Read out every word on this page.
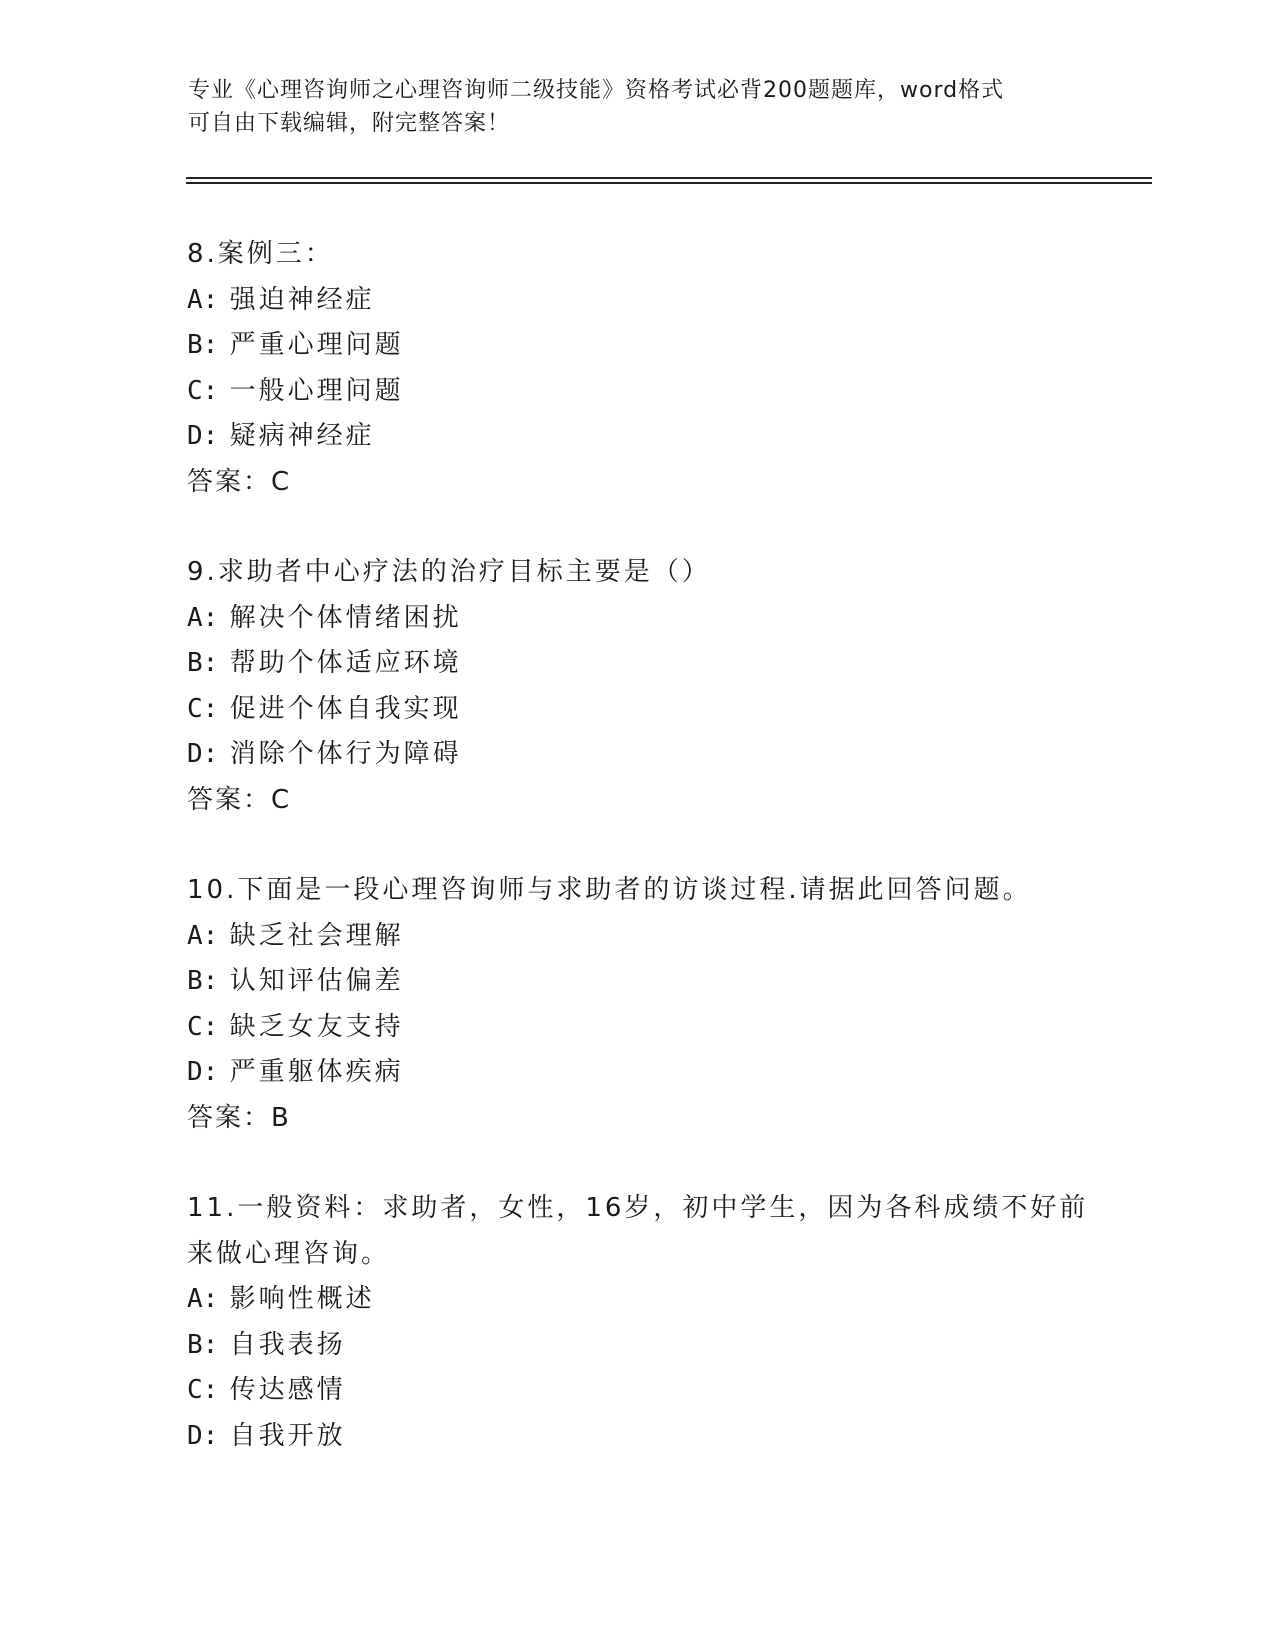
专业《心理咨询师之心理咨询师二级技能》资格考试必背200题题库，word格式
可自由下载编辑，附完整答案！
8.案例三：
A: 强迫神经症
B: 严重心理问题
C: 一般心理问题
D: 疑病神经症
答案：C
9.求助者中心疗法的治疗目标主要是（）
A: 解决个体情绪困扰
B: 帮助个体适应环境
C: 促进个体自我实现
D: 消除个体行为障碍
答案：C
10.下面是一段心理咨询师与求助者的访谈过程.请据此回答问题。
A: 缺乏社会理解
B: 认知评估偏差
C: 缺乏女友支持
D: 严重躯体疾病
答案：B
11.一般资料：求助者，女性，16岁，初中学生，因为各科成绩不好前
来做心理咨询。
A: 影响性概述
B: 自我表扬
C: 传达感情
D: 自我开放
